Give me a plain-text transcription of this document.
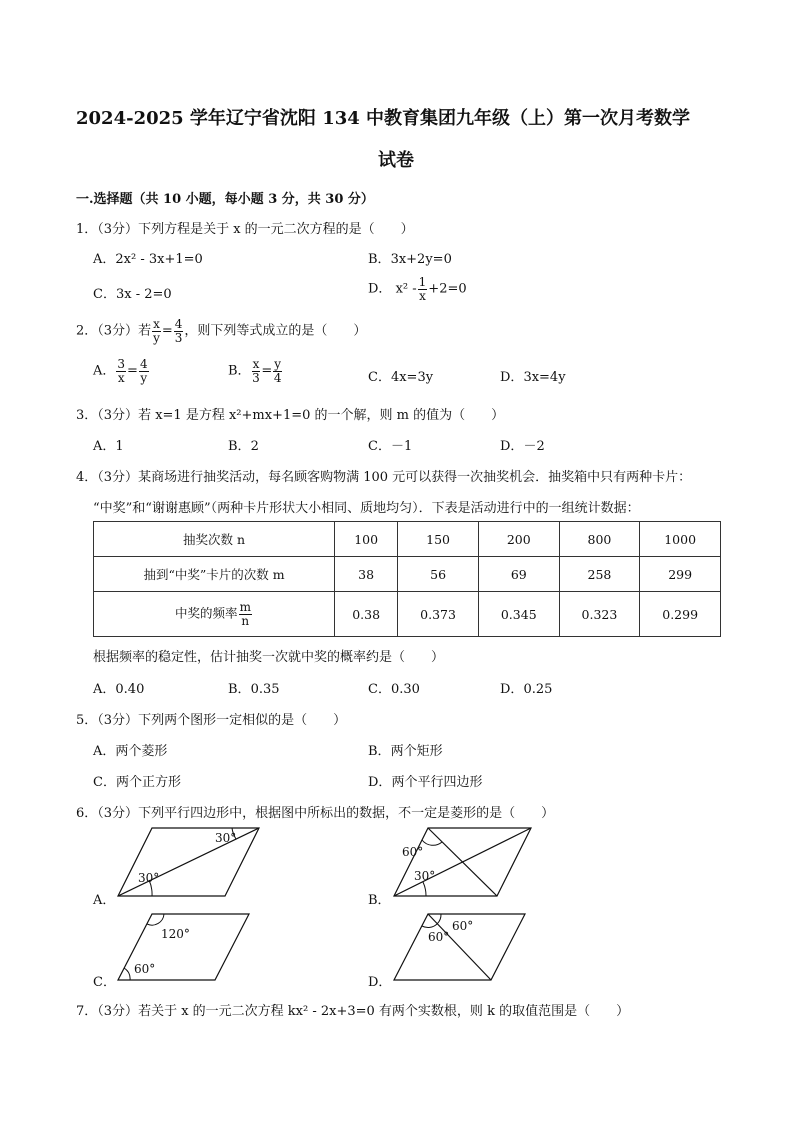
2024-2025 学年辽宁省沈阳 134 中教育集团九年级（上）第一次月考数学
试卷
一.选择题（共 10 小题，每小题 3 分，共 30 分）
1．（3分）下列方程是关于 x 的一元二次方程的是（　　）
A．2x² - 3x+1=0	B．3x+2y=0
C．3x - 2=0	D． $x^2 - \frac{1}{x} +2=0$
2．（3分）若 $\frac{x}{y} = \frac{4}{3}$ ，则下列等式成立的是（　　）
A． $\frac{3}{x} = \frac{4}{y}$	B． $\frac{x}{3} = \frac{y}{4}$	C．4x=3y	D．3x=4y
3．（3分）若 x=1 是方程 x²+mx+1=0 的一个解，则 m 的值为（　　）
A．1	B．2	C．－1	D．－2
4．（3分）某商场进行抽奖活动，每名顾客购物满 100 元可以获得一次抽奖机会．抽奖箱中只有两种卡片：
“中奖”和“谢谢惠顾”（两种卡片形状大小相同、质地均匀）．下表是活动进行中的一组统计数据：
抽奖次数 n	100	150	200	800	1000
抽到“中奖”卡片的次数 m	38	56	69	258	299
中奖的频率 $\frac{m}{n}$	0.38	0.373	0.345	0.323	0.299
根据频率的稳定性，估计抽奖一次就中奖的概率约是（　　）
A．0.40	B．0.35	C．0.30	D．0.25
5．（3分）下列两个图形一定相似的是（　　）
A．两个菱形	B．两个矩形
C．两个正方形	D．两个平行四边形
6．（3分）下列平行四边形中，根据图中所标出的数据，不一定是菱形的是（　　）
A．	B．
C．	D．
30°
30°
60°
30°
120°
60°
60°
60°
7．（3分）若关于 x 的一元二次方程 kx² - 2x+3=0 有两个实数根，则 k 的取值范围是（　　）
